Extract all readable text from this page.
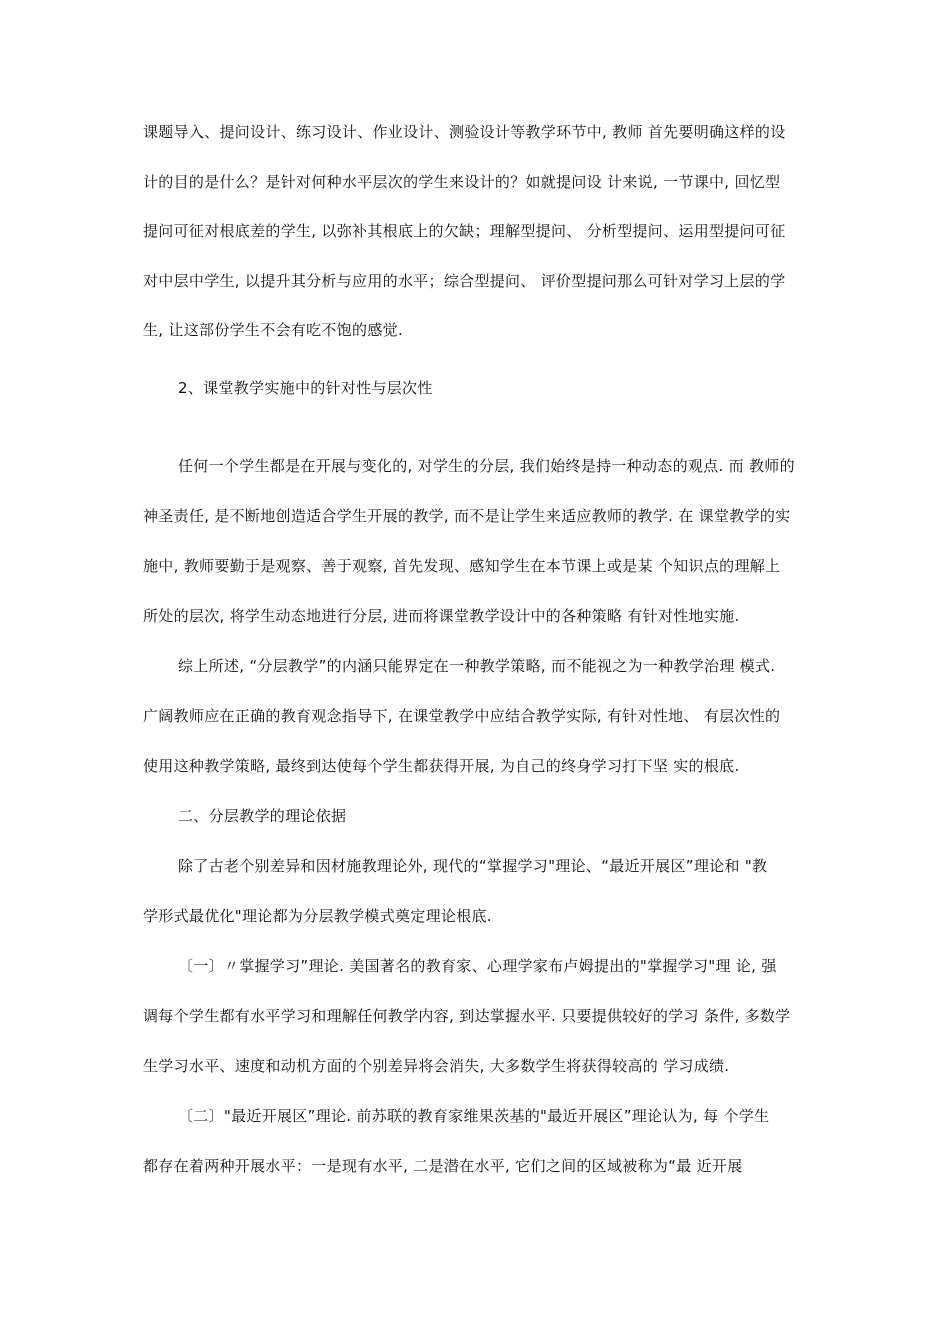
课题导入、提问设计、练习设计、作业设计、测验设计等教学环节中, 教师 首先要明确这样的设
计的目的是什么？是针对何种水平层次的学生来设计的？如就提问设 计来说, 一节课中, 回忆型
提问可征对根底差的学生, 以弥补其根底上的欠缺；理解型提问、 分析型提问、运用型提问可征
对中层中学生, 以提升其分析与应用的水平；综合型提问、 评价型提问那么可针对学习上层的学
生, 让这部份学生不会有吃不饱的感觉.
2、课堂教学实施中的针对性与层次性
任何一个学生都是在开展与变化的, 对学生的分层, 我们始终是持一种动态的观点. 而 教师的
神圣责任, 是不断地创造适合学生开展的教学, 而不是让学生来适应教师的教学. 在 课堂教学的实
施中, 教师要勤于是观察、善于观察, 首先发现、感知学生在本节课上或是某 个知识点的理解上
所处的层次, 将学生动态地进行分层, 进而将课堂教学设计中的各种策略 有针对性地实施.
综上所述, “分层教学”的内涵只能界定在一种教学策略, 而不能视之为一种教学治理 模式.
广阔教师应在正确的教育观念指导下, 在课堂教学中应结合教学实际, 有针对性地、 有层次性的
使用这种教学策略, 最终到达使每个学生都获得开展, 为自己的终身学习打下坚 实的根底.
二、分层教学的理论依据
除了古老个别差异和因材施教理论外, 现代的“掌握学习"理论、“最近开展区”理论和 "教
学形式最优化"理论都为分层教学模式奠定理论根底.
〔一〕〃掌握学习”理论. 美国著名的教育家、心理学家布卢姆提出的"掌握学习"理 论, 强
调每个学生都有水平学习和理解任何教学内容, 到达掌握水平. 只要提供较好的学习 条件, 多数学
生学习水平、速度和动机方面的个别差异将会消失, 大多数学生将获得较高的 学习成绩.
〔二〕"最近开展区”理论. 前苏联的教育家维果茨基的"最近开展区”理论认为, 每 个学生
都存在着两种开展水平：一是现有水平, 二是潜在水平, 它们之间的区域被称为“最 近开展
